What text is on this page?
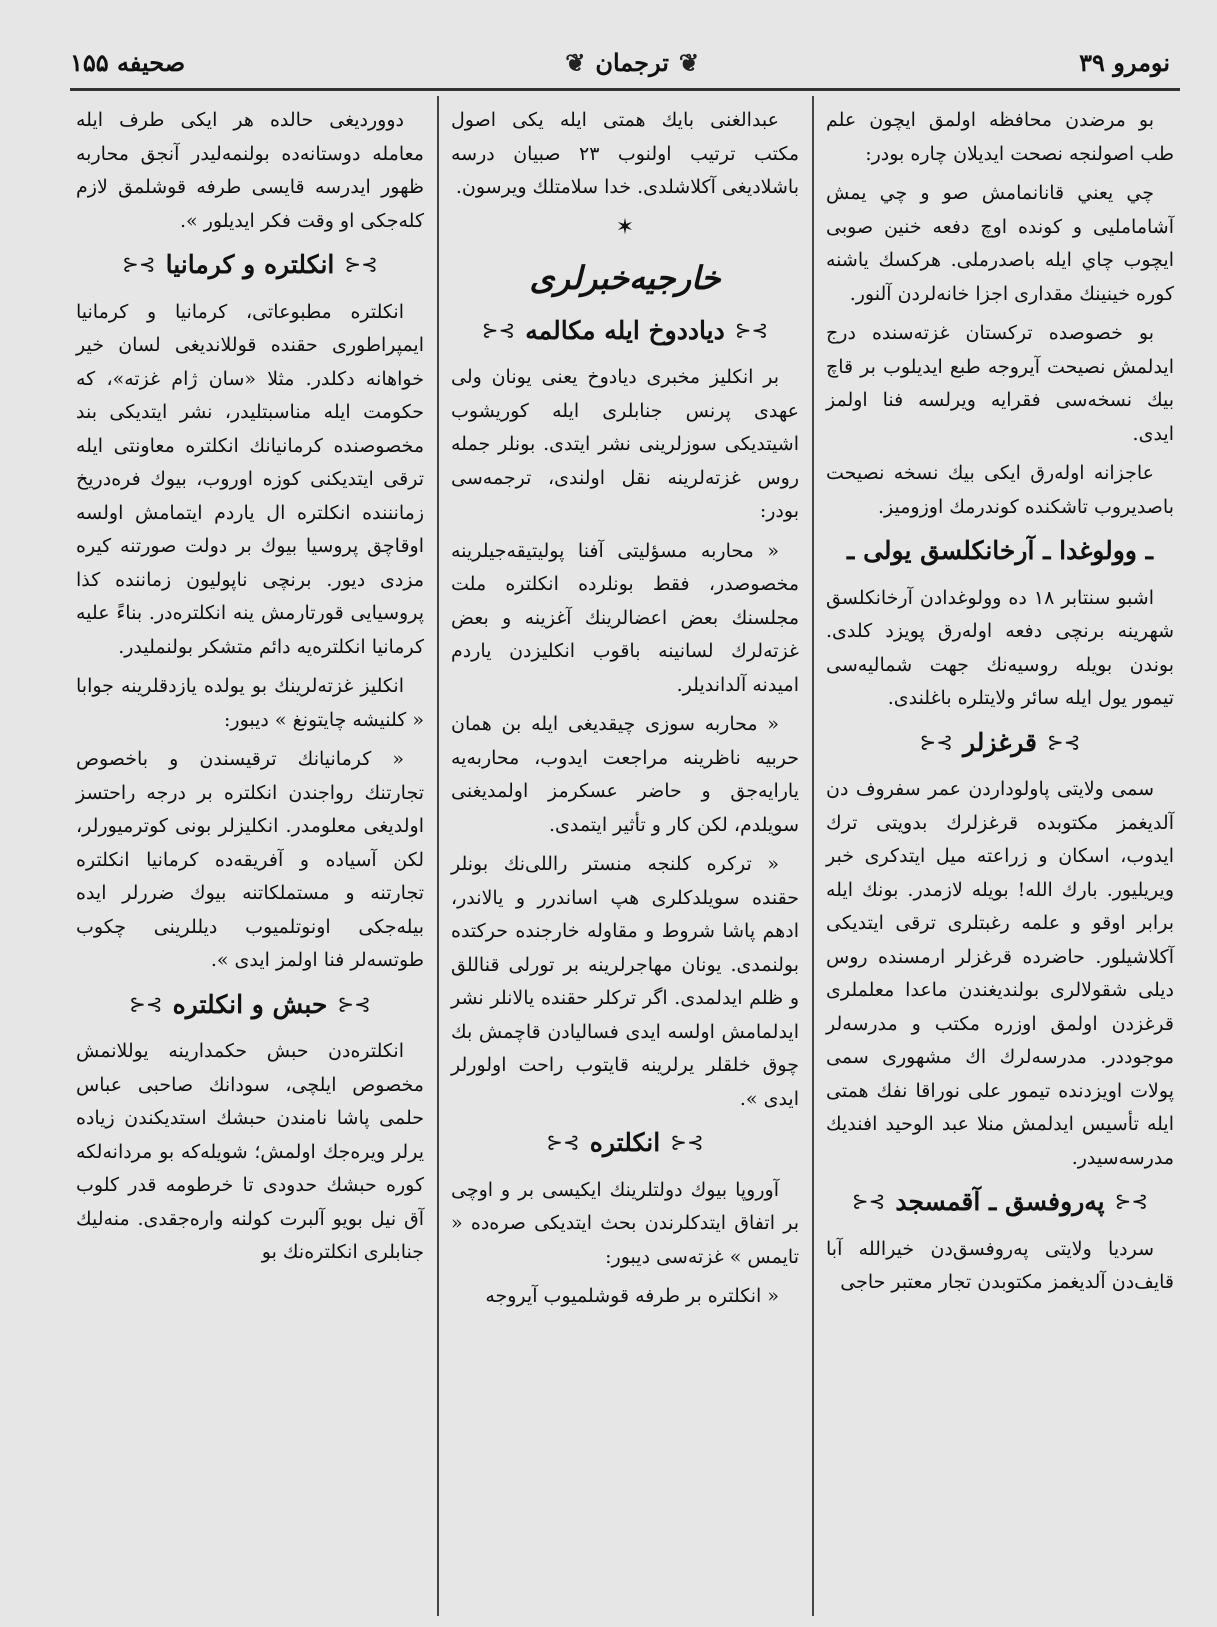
نومرو ۳۹
❦
ترجمان
❦
صحيفه ۱۵۵

بو مرضدن محافظه اولمق ايچون علم طب اصولنجه نصحت ايديلان چاره بودر:

چي يعني قانانمامش صو و چي يمش آشامامليی و كونده اوچ دفعه خنين صوبی ايچوب چاي ايله باصدرملی. هركسك ياشنه كوره خينينك مقداری اجزا خانه‌لردن آلنور.

بو خصوصده تركستان غزته‌سنده درج ايدلمش نصيحت آيروجه طبع ايديلوب بر قاچ بيك نسخه‌سی فقرايه ويرلسه فنا اولمز ايدی.

عاجزانه اوله‌رق ايكی بيك نسخه نصيحت باصديروب تاشكنده كوندرمك اوزوميز.

ـ وولوغدا ـ آرخانكلسق يولی ـ

اشبو سنتابر ۱۸ ده وولوغدادن آرخانكلسق شهرينه برنچی دفعه اوله‌رق پويزد كلدی. بوندن بويله روسيه‌نك جهت شماليه‌سی تيمور يول ايله سائر ولايتلره باغلندی.

⊱⊰
قرغزلر
⊱⊰

سمی ولايتی پاولوداردن عمر سفروف دن آلديغمز مكتوبده قرغزلرك بدويتی ترك ايدوب، اسكان و زراعته ميل ايتدكری خبر ويريليور. بارك الله! بويله لازمدر. بونك ايله برابر اوقو و علمه رغبتلری ترقی ايتديكی آكلاشيلور. حاضرده قرغزلر ارمسنده روس ديلی شقولالری بولنديغندن ماعدا معلملری قرغزدن اولمق اوزره مكتب و مدرسه‌لر موجوددر. مدرسه‌لرك اك مشهوری سمی پولات اويزدنده تيمور علی نوراقا نفك همتی ايله تأسيس ايدلمش منلا عبد الوحيد افنديك مدرسه‌سيدر.

⊱⊰
په‌روفسق ـ آقمسجد
⊱⊰

سرديا ولايتی په‌روفسق‌دن خيرالله آبا قايف‌دن آلديغمز مكتوبدن تجار معتبر حاجی

عبدالغنی بايك همتی ايله يكی اصول مكتب ترتيب اولنوب ۲۳ صبيان درسه باشلاديغی آكلاشلدی. خدا سلامتلك ويرسون.

✶
خارجيه‌خبرلری
⊱⊰
دياددوخ ايله مكالمه
⊱⊰

بر انكليز مخبری ديادوخ يعنی يونان ولی عهدی پرنس جنابلری ايله كوريشوب اشيتديكی سوزلرينی نشر ايتدی. بونلر جمله روس غزته‌لرينه نقل اولندی، ترجمه‌سی بودر:

« محاربه مسؤليتی آفنا پوليتيقه‌جيلرينه مخصوصدر، فقط بونلرده انكلتره ملت مجلسنك بعض اعضالرينك آغزينه و بعض غزته‌لرك لسانينه باقوب انكليزدن ياردم اميدنه آلدانديلر.

« محاربه سوزی چيقديغی ايله بن همان حربيه ناظرينه مراجعت ايدوب، محاربه‌يه يارايه‌جق و حاضر عسكرمز اولمديغنی سويلدم، لكن كار و تأثير ايتمدی.

« تركره كلنجه منستر راللی‌نك بونلر حقنده سويلدكلری هپ اساندرر و يالاندر، ادهم پاشا شروط و مقاوله خارجنده حركتده بولنمدی. يونان مهاجرلرينه بر تورلی قناللق و ظلم ايدلمدی. اگر تركلر حقنده يالانلر نشر ايدلمامش اولسه ايدی فساليادن قاچمش بك چوق خلقلر يرلرينه قايتوب راحت اولورلر ايدی ».

⊱⊰
انكلتره
⊱⊰

آوروپا بيوك دولتلرينك ايكيسی بر و اوچی بر اتفاق ايتدكلرندن بحث ايتديكی صره‌ده « تايمس » غزته‌سی ديبور:

« انكلتره بر طرفه قوشلميوب آيروجه

دووردیغی حالده هر ايكی طرف ايله معامله دوستانه‌ده بولنمه‌ليدر آنجق محاربه ظهور ايدرسه قايسی طرفه قوشلمق لازم كله‌جكی او وقت فكر ايديلور ».

⊱⊰
انكلتره و كرمانيا
⊱⊰

انكلتره مطبوعاتی، كرمانيا و كرمانيا ايمپراطوری حقنده قوللانديغی لسان خير خواهانه دكلدر. مثلا «سان ژام غزته»، كه حكومت ايله مناسبتليدر، نشر ايتديكی بند مخصوصنده كرمانيانك انكلتره معاونتی ايله ترقی ايتديكنی كوزه اوروب، بيوك فره‌دريخ زمانننده انكلتره ال ياردم ايتمامش اولسه اوقاچق پروسيا بيوك بر دولت صورتنه كيره مزدی ديور. برنچی ناپوليون زماننده كذا پروسيايی قورتارمش ينه انكلتره‌در. بناءً عليه كرمانيا انكلتره‌يه دائم متشكر بولنمليدر.

انكليز غزته‌لرينك بو يولده يازدقلرينه جوابا « كلنيشه چايتونغ » ديبور:

« كرمانيانك ترقيسندن و باخصوص تجارتنك رواجندن انكلتره بر درجه راحتسز اولديغی معلومدر. انكليزلر بونی كوترميورلر، لكن آسياده و آفريقه‌ده كرمانيا انكلتره تجارتنه و مستملكاتنه بيوك ضررلر ايده بيله‌جكی اونوتلميوب ديللرينی چكوب طوتسه‌لر فنا اولمز ايدی ».

⊱⊰
حبش و انكلتره
⊱⊰

انكلتره‌دن حبش حكمدارينه يوللانمش مخصوص ايلچی، سودانك صاحبی عباس حلمی پاشا نامندن حبشك استديكندن زياده يرلر ويره‌جك اولمش؛ شويله‌كه بو مردانه‌لكه كوره حبشك حدودی تا خرطومه قدر كلوب آق نيل بويو آلبرت كولنه وارەجقدی. منه‌ليك جنابلری انكلتره‌نك بو
